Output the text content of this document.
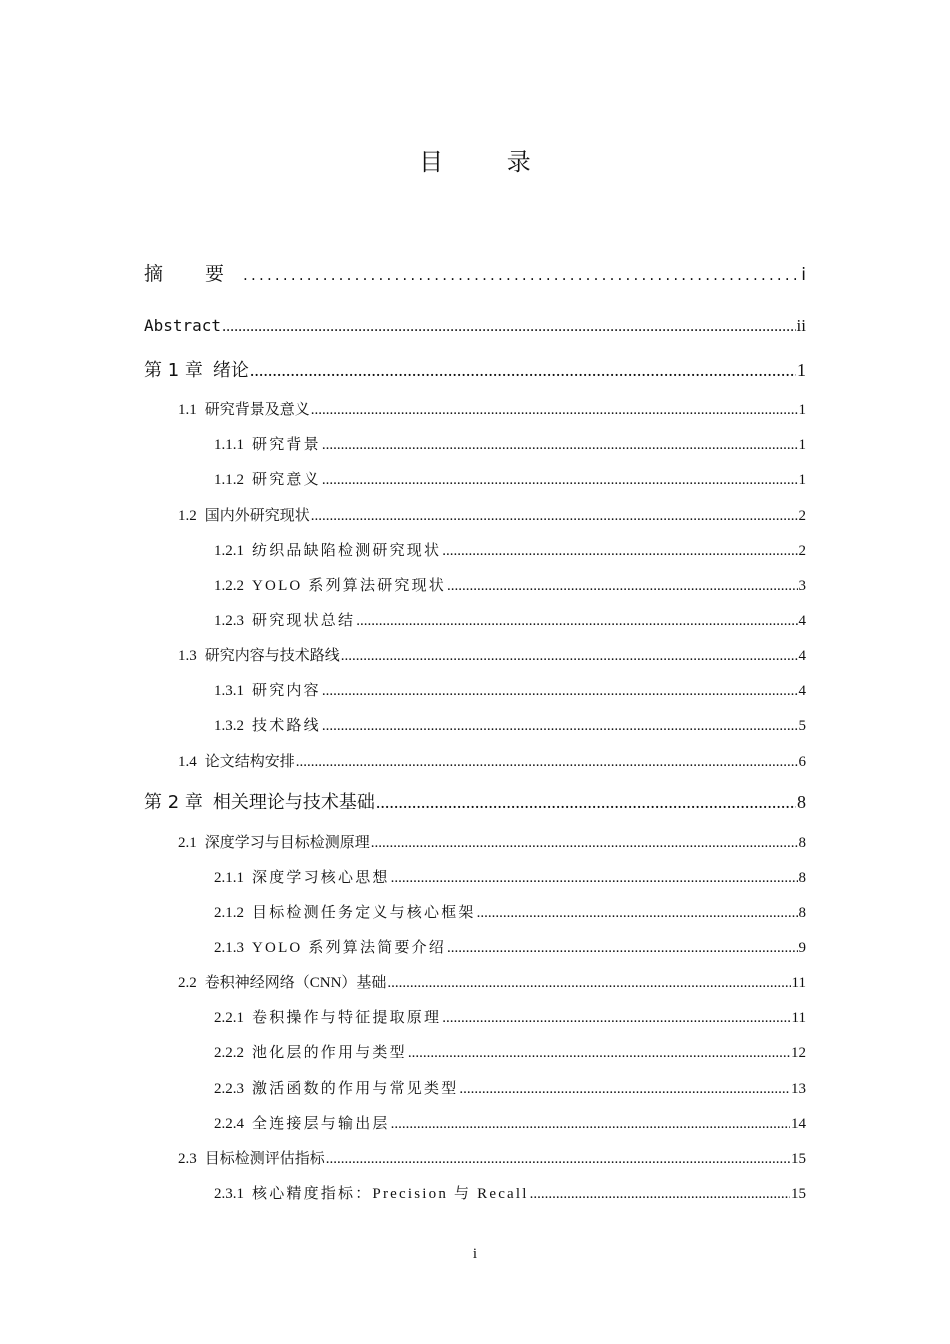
目 录
摘 要 .....	i
Abstract .....	ii
第 1 章 绪论 .....	1
1.1 研究背景及意义 .....	1
1.1.1 研究背景 .....	1
1.1.2 研究意义 .....	1
1.2 国内外研究现状 .....	2
1.2.1 纺织品缺陷检测研究现状 .....	2
1.2.2 YOLO 系列算法研究现状 .....	3
1.2.3 研究现状总结 .....	4
1.3 研究内容与技术路线 .....	4
1.3.1 研究内容 .....	4
1.3.2 技术路线 .....	5
1.4 论文结构安排 .....	6
第 2 章 相关理论与技术基础 .....	8
2.1 深度学习与目标检测原理 .....	8
2.1.1 深度学习核心思想 .....	8
2.1.2 目标检测任务定义与核心框架 .....	8
2.1.3 YOLO 系列算法简要介绍 .....	9
2.2 卷积神经网络（CNN）基础 .....	11
2.2.1 卷积操作与特征提取原理 .....	11
2.2.2 池化层的作用与类型 .....	12
2.2.3 激活函数的作用与常见类型 .....	13
2.2.4 全连接层与输出层 .....	14
2.3 目标检测评估指标 .....	15
2.3.1 核心精度指标：Precision 与 Recall .....	15
i
